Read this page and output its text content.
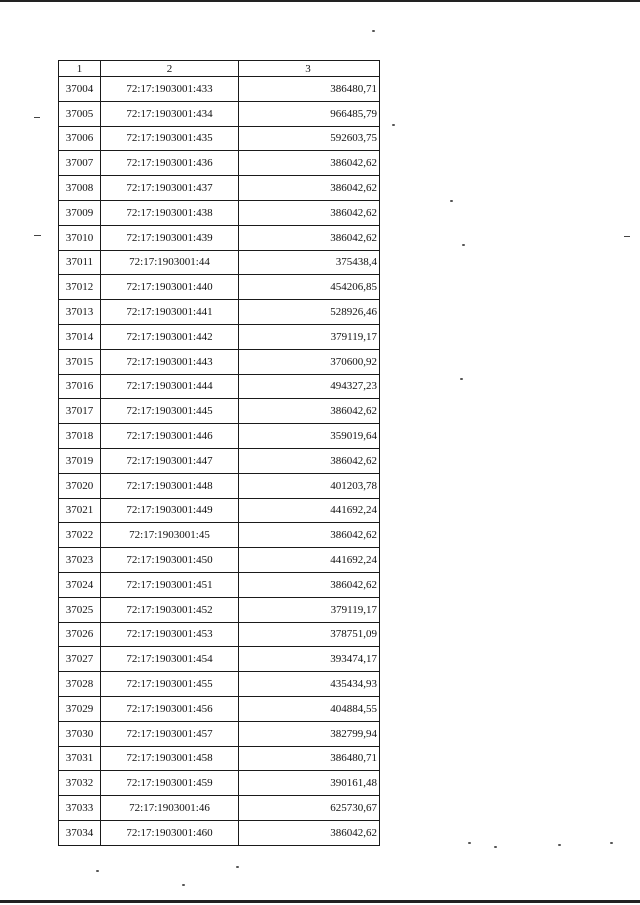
1	2	3
37004	72:17:1903001:433	386480,71
37005	72:17:1903001:434	966485,79
37006	72:17:1903001:435	592603,75
37007	72:17:1903001:436	386042,62
37008	72:17:1903001:437	386042,62
37009	72:17:1903001:438	386042,62
37010	72:17:1903001:439	386042,62
37011	72:17:1903001:44	375438,4
37012	72:17:1903001:440	454206,85
37013	72:17:1903001:441	528926,46
37014	72:17:1903001:442	379119,17
37015	72:17:1903001:443	370600,92
37016	72:17:1903001:444	494327,23
37017	72:17:1903001:445	386042,62
37018	72:17:1903001:446	359019,64
37019	72:17:1903001:447	386042,62
37020	72:17:1903001:448	401203,78
37021	72:17:1903001:449	441692,24
37022	72:17:1903001:45	386042,62
37023	72:17:1903001:450	441692,24
37024	72:17:1903001:451	386042,62
37025	72:17:1903001:452	379119,17
37026	72:17:1903001:453	378751,09
37027	72:17:1903001:454	393474,17
37028	72:17:1903001:455	435434,93
37029	72:17:1903001:456	404884,55
37030	72:17:1903001:457	382799,94
37031	72:17:1903001:458	386480,71
37032	72:17:1903001:459	390161,48
37033	72:17:1903001:46	625730,67
37034	72:17:1903001:460	386042,62
